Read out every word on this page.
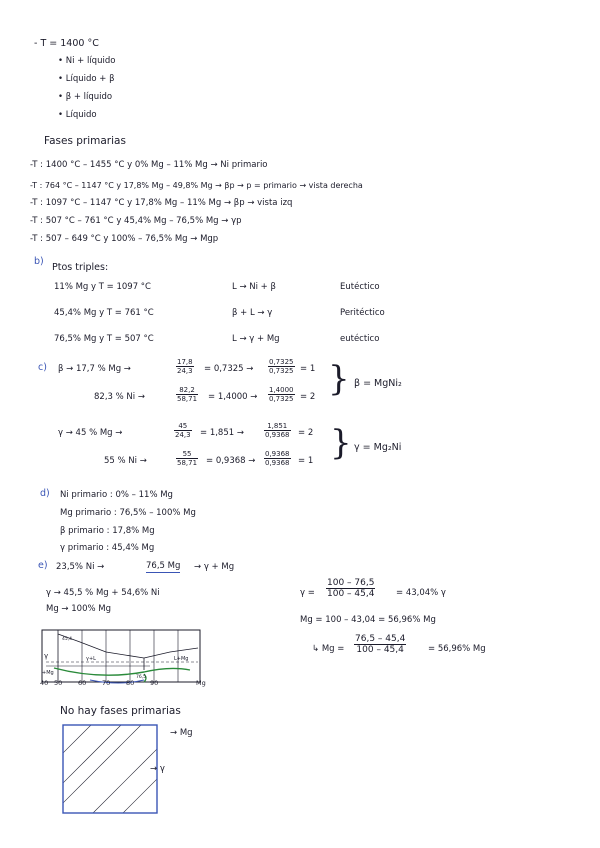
- T = 1400 °C
• Ni + líquido
• Líquido + β
• β + líquido
• Líquido
Fases primarias
-T : 1400 °C – 1455 °C y 0% Mg – 11% Mg → Ni primario
-T : 764 °C – 1147 °C y 17,8% Mg – 49,8% Mg → βp → p = primario → vista derecha
-T : 1097 °C – 1147 °C y 17,8% Mg – 11% Mg → βp → vista izq
-T : 507 °C – 761 °C y 45,4% Mg – 76,5% Mg → γp
-T : 507 – 649 °C y 100% – 76,5% Mg → Mgp
b)
Ptos triples:
11% Mg y T = 1097 °C	L → Ni + β	Eutéctico
45,4% Mg y T = 761 °C	β + L → γ	Peritéctico
76,5% Mg y T = 507 °C	L → γ + Mg	eutéctico
c) β → 17,7 % Mg →	$\frac{17,8}{24,3} = 0,7325 \to \frac{0,7325}{0,7325} = 1$
82,3 % Ni →	$\frac{82,2}{58,71} = 1,4000 \to \frac{1,4000}{0,7325} = 2$ } β = MgNi₂
γ → 45 % Mg →	$\frac{45}{24,3} = 1,851$ →	$\frac{1,851}{0,9368} = 2$
55 % Ni →	$\frac{55}{58,71} = 0,9368 \to \frac{0,9368}{0,9368} = 1$ } γ = Mg₂Ni
d) Ni primario : 0% – 11% Mg
Mg primario : 76,5% – 100% Mg
β primario : 17,8% Mg
γ primario : 45,4% Mg
e) 23,5% Ni →	76,5 Mg → γ + Mg
γ → 45,5 % Mg + 54,6% Ni
Mg → 100% Mg
$\gamma = \frac{100 - 76,5}{100 - 45,4} = 43,04\%$ γ
Mg = 100 – 43,04 = 56,96% Mg
↳ $Mg = \frac{76,5 - 45,4}{100 - 45,4}$	= 56,96% Mg
γ
+Mg
γ+L	L+Mg
76,5
45,4
40 50 60 70 80 90	Mg
No hay fases primarias
→ Mg
→ γ
